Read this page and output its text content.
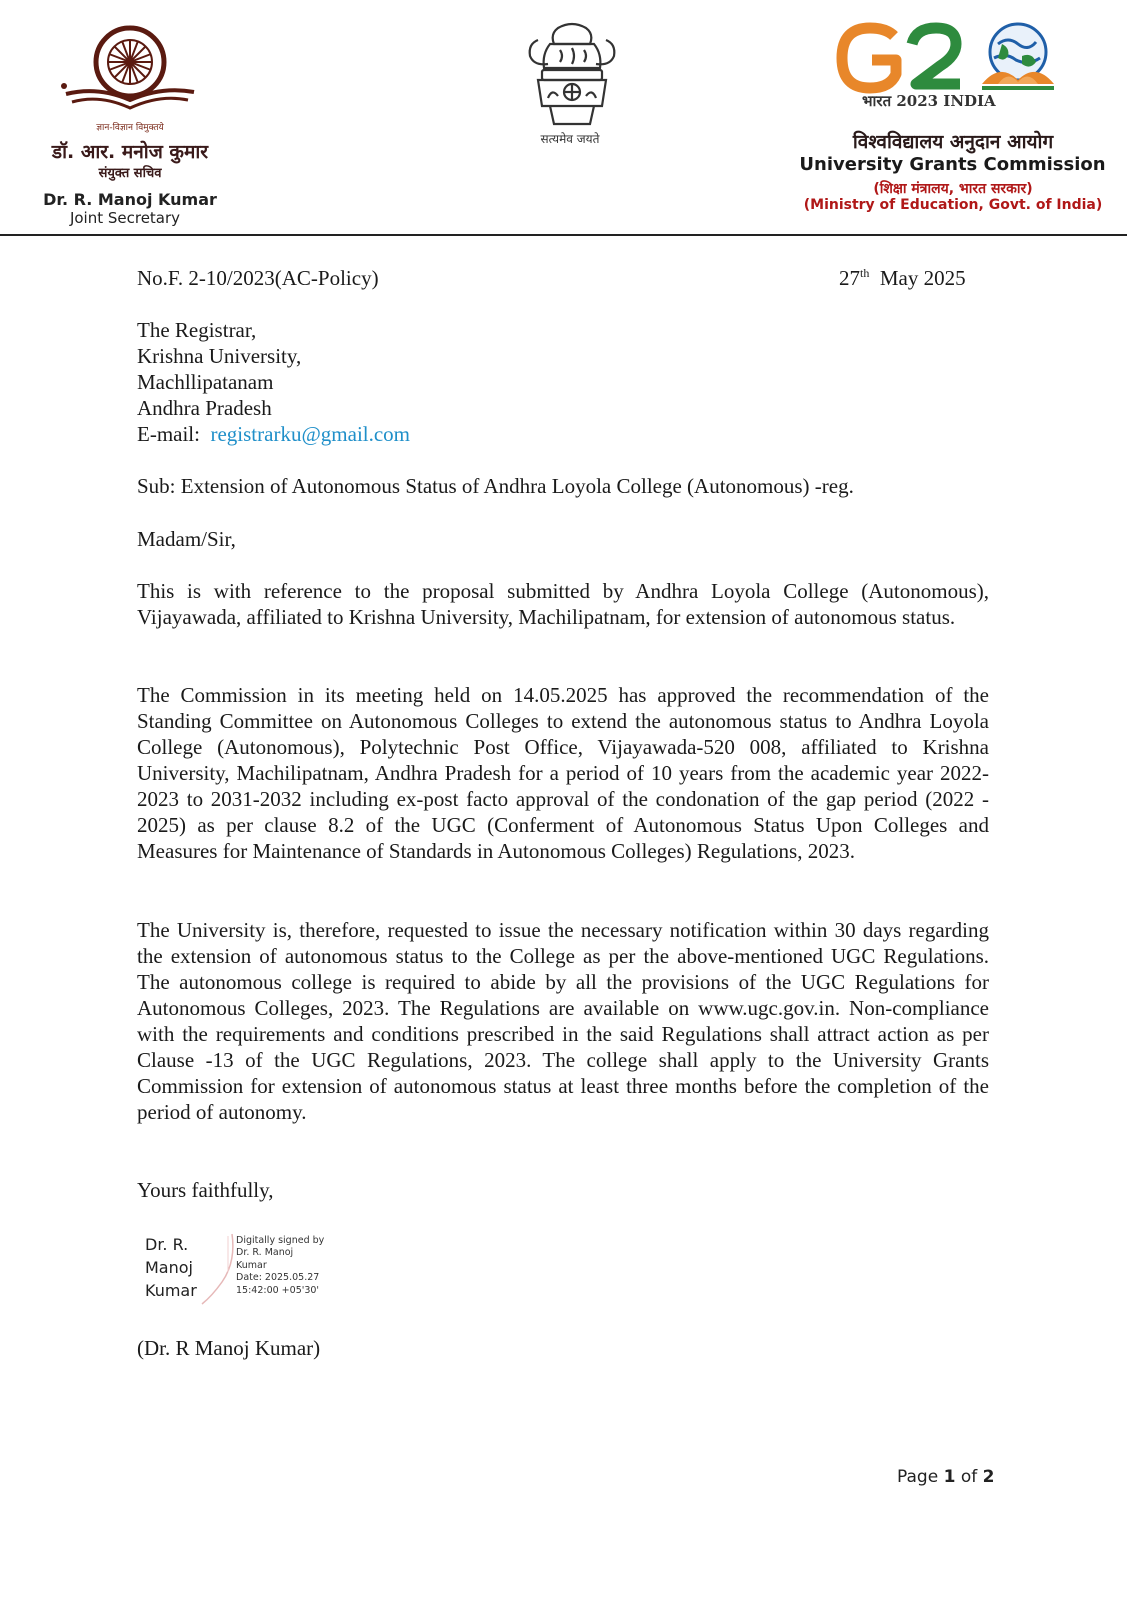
ज्ञान-विज्ञान विमुक्तये
डॉ. आर. मनोज कुमार
संयुक्त सचिव
Dr. R. Manoj Kumar
Joint Secretary
सत्यमेव जयते
भारत 2023 INDIA
विश्वविद्यालय अनुदान आयोग
University Grants Commission
(शिक्षा मंत्रालय, भारत सरकार)
(Ministry of Education, Govt. of India)
No.F. 2-10/2023(AC-Policy)	27th May 2025
The Registrar,
Krishna University,
Machllipatanam
Andhra Pradesh
E-mail: registrarku@gmail.com
Sub: Extension of Autonomous Status of Andhra Loyola College (Autonomous) -reg.
Madam/Sir,
This is with reference to the proposal submitted by Andhra Loyola College (Autonomous), Vijayawada, affiliated to Krishna University, Machilipatnam, for extension of autonomous status.
The Commission in its meeting held on 14.05.2025 has approved the recommendation of the Standing Committee on Autonomous Colleges to extend the autonomous status to Andhra Loyola College (Autonomous), Polytechnic Post Office, Vijayawada-520 008, affiliated to Krishna University, Machilipatnam, Andhra Pradesh for a period of 10 years from the academic year 2022-2023 to 2031-2032 including ex-post facto approval of the condonation of the gap period (2022 - 2025) as per clause 8.2 of the UGC (Conferment of Autonomous Status Upon Colleges and Measures for Maintenance of Standards in Autonomous Colleges) Regulations, 2023.
The University is, therefore, requested to issue the necessary notification within 30 days regarding the extension of autonomous status to the College as per the above-mentioned UGC Regulations. The autonomous college is required to abide by all the provisions of the UGC Regulations for Autonomous Colleges, 2023. The Regulations are available on www.ugc.gov.in. Non-compliance with the requirements and conditions prescribed in the said Regulations shall attract action as per Clause -13 of the UGC Regulations, 2023. The college shall apply to the University Grants Commission for extension of autonomous status at least three months before the completion of the period of autonomy.
Yours faithfully,
Dr. R.
Manoj
Kumar
Digitally signed by
Dr. R. Manoj
Kumar
Date: 2025.05.27
15:42:00 +05'30'
(Dr. R Manoj Kumar)
Page 1 of 2
